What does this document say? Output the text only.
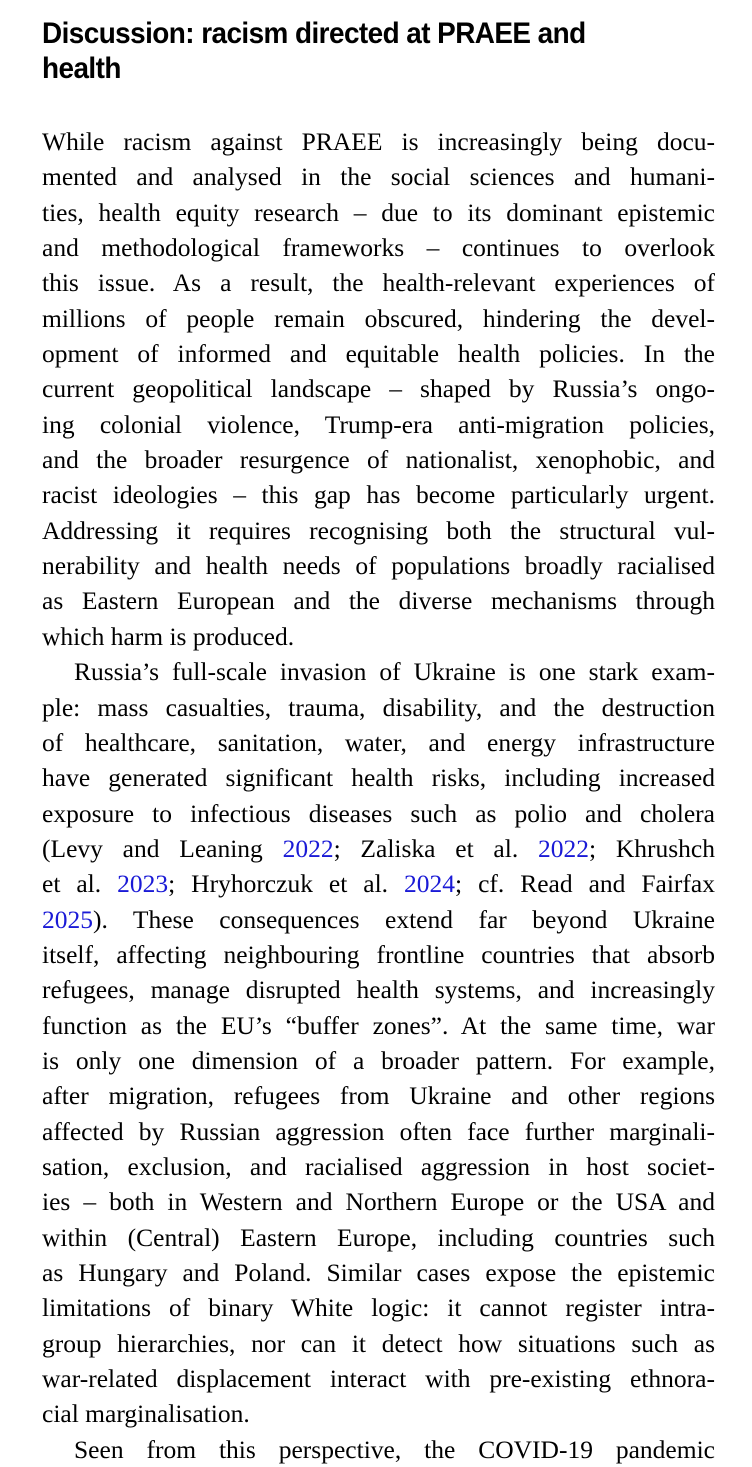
Discussion: racism directed at PRAEE and
health
While racism against PRAEE is increasingly being docu-
mented and analysed in the social sciences and humani-
ties, health equity research – due to its dominant epistemic
and methodological frameworks – continues to overlook
this issue. As a result, the health-relevant experiences of
millions of people remain obscured, hindering the devel-
opment of informed and equitable health policies. In the
current geopolitical landscape – shaped by Russia’s ongo-
ing colonial violence, Trump-era anti-migration policies,
and the broader resurgence of nationalist, xenophobic, and
racist ideologies – this gap has become particularly urgent.
Addressing it requires recognising both the structural vul-
nerability and health needs of populations broadly racialised
as Eastern European and the diverse mechanisms through
which harm is produced.
Russia’s full-scale invasion of Ukraine is one stark exam-
ple: mass casualties, trauma, disability, and the destruction
of healthcare, sanitation, water, and energy infrastructure
have generated significant health risks, including increased
exposure to infectious diseases such as polio and cholera
(Levy and Leaning 2022; Zaliska et al. 2022; Khrushch
et al. 2023; Hryhorczuk et al. 2024; cf. Read and Fairfax
2025). These consequences extend far beyond Ukraine
itself, affecting neighbouring frontline countries that absorb
refugees, manage disrupted health systems, and increasingly
function as the EU’s “buffer zones”. At the same time, war
is only one dimension of a broader pattern. For example,
after migration, refugees from Ukraine and other regions
affected by Russian aggression often face further marginali-
sation, exclusion, and racialised aggression in host societ-
ies – both in Western and Northern Europe or the USA and
within (Central) Eastern Europe, including countries such
as Hungary and Poland. Similar cases expose the epistemic
limitations of binary White logic: it cannot register intra-
group hierarchies, nor can it detect how situations such as
war-related displacement interact with pre-existing ethnora-
cial marginalisation.
Seen from this perspective, the COVID-19 pandemic
